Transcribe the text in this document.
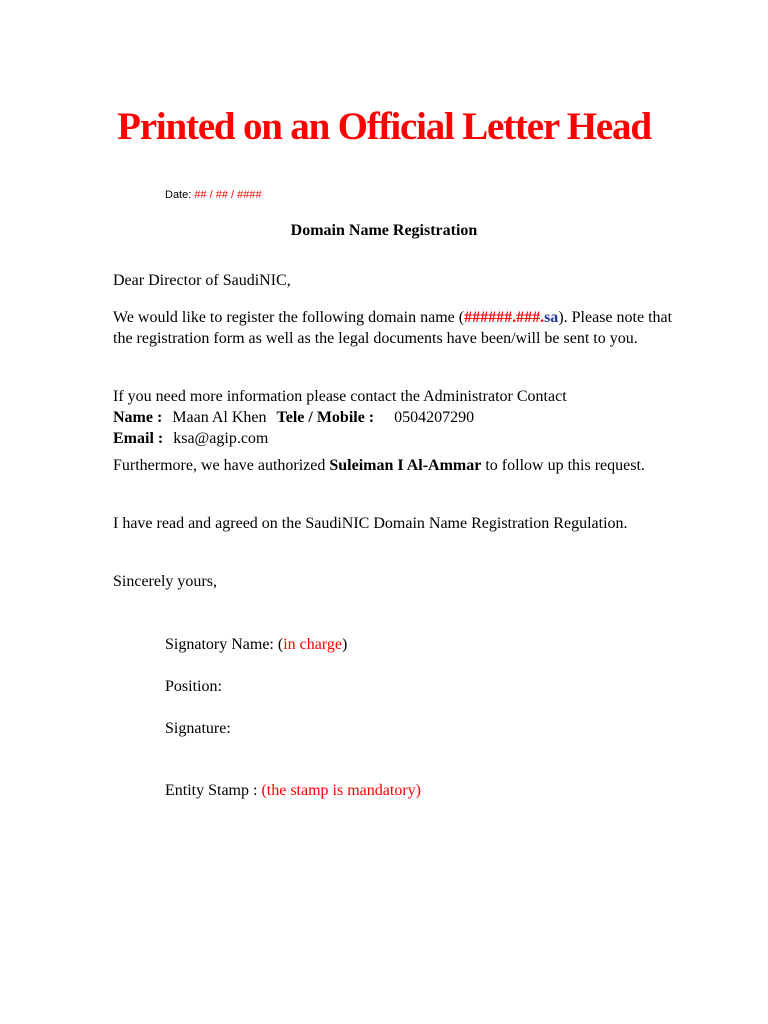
Printed on an Official Letter Head
Date: ## / ## / ####
Domain Name Registration
Dear Director of SaudiNIC,
We would like to register the following domain name (######.###.sa). Please note that the registration form as well as the legal documents have been/will be sent to you.
If you need more information please contact the Administrator Contact
Name : Maan Al Khen Tele / Mobile : 0504207290
Email : ksa@agip.com
Furthermore, we have authorized Suleiman I Al-Ammar to follow up this request.
I have read and agreed on the SaudiNIC Domain Name Registration Regulation.
Sincerely yours,
Signatory Name: (in charge)
Position:
Signature:
Entity Stamp : (the stamp is mandatory)
